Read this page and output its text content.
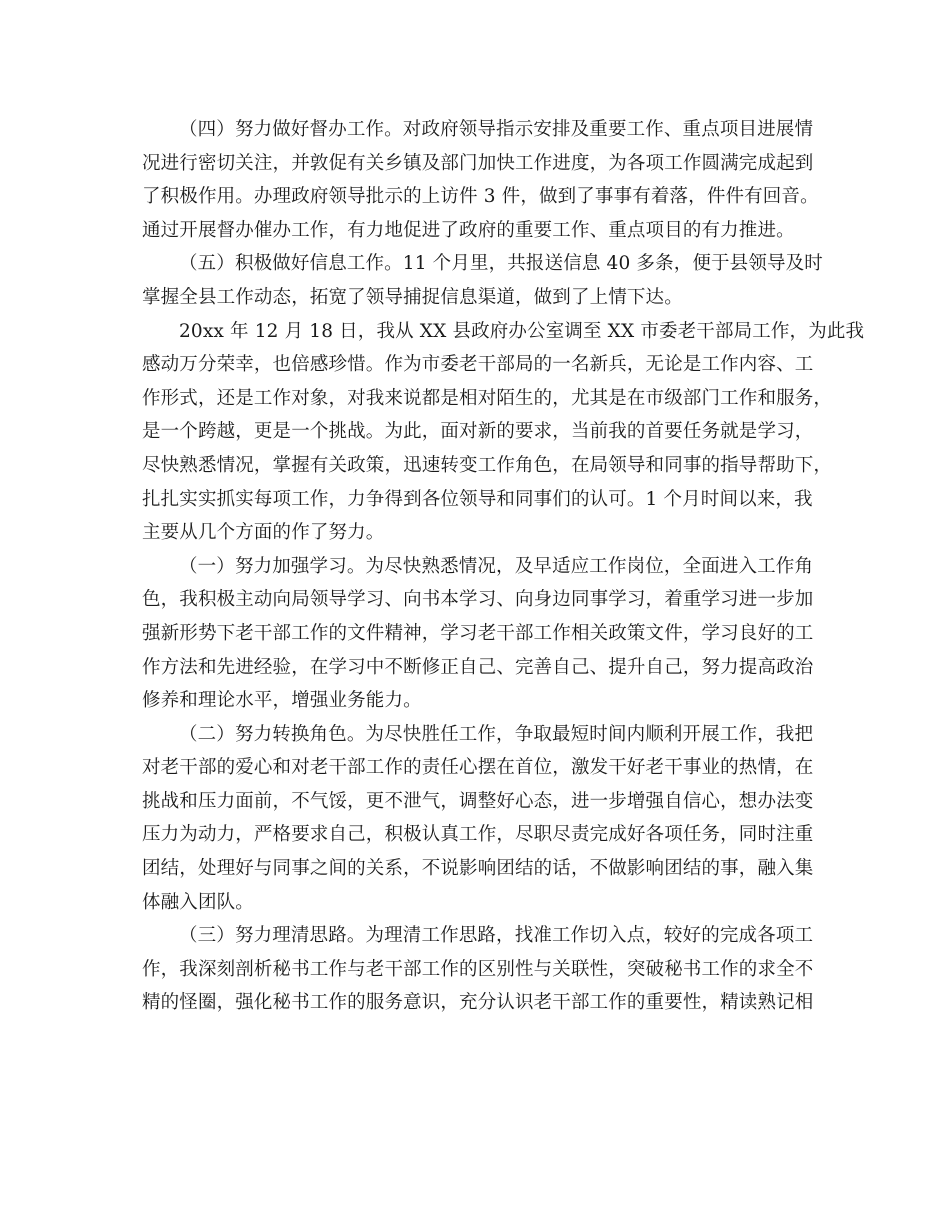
（四）努力做好督办工作。对政府领导指示安排及重要工作、重点项目进展情
况进行密切关注，并敦促有关乡镇及部门加快工作进度，为各项工作圆满完成起到
了积极作用。办理政府领导批示的上访件 3 件，做到了事事有着落，件件有回音。
通过开展督办催办工作，有力地促进了政府的重要工作、重点项目的有力推进。
（五）积极做好信息工作。11 个月里，共报送信息 40 多条，便于县领导及时
掌握全县工作动态，拓宽了领导捕捉信息渠道，做到了上情下达。
20xx 年 12 月 18 日，我从 XX 县政府办公室调至 XX 市委老干部局工作，为此我
感动万分荣幸，也倍感珍惜。作为市委老干部局的一名新兵，无论是工作内容、工
作形式，还是工作对象，对我来说都是相对陌生的，尤其是在市级部门工作和服务，
是一个跨越，更是一个挑战。为此，面对新的要求，当前我的首要任务就是学习，
尽快熟悉情况，掌握有关政策，迅速转变工作角色，在局领导和同事的指导帮助下，
扎扎实实抓实每项工作，力争得到各位领导和同事们的认可。1 个月时间以来，我
主要从几个方面的作了努力。
（一）努力加强学习。为尽快熟悉情况，及早适应工作岗位，全面进入工作角
色，我积极主动向局领导学习、向书本学习、向身边同事学习，着重学习进一步加
强新形势下老干部工作的文件精神，学习老干部工作相关政策文件，学习良好的工
作方法和先进经验，在学习中不断修正自己、完善自己、提升自己，努力提高政治
修养和理论水平，增强业务能力。
（二）努力转换角色。为尽快胜任工作，争取最短时间内顺利开展工作，我把
对老干部的爱心和对老干部工作的责任心摆在首位，激发干好老干事业的热情，在
挑战和压力面前，不气馁，更不泄气，调整好心态，进一步增强自信心，想办法变
压力为动力，严格要求自己，积极认真工作，尽职尽责完成好各项任务，同时注重
团结，处理好与同事之间的关系，不说影响团结的话，不做影响团结的事，融入集
体融入团队。
（三）努力理清思路。为理清工作思路，找准工作切入点，较好的完成各项工
作，我深刻剖析秘书工作与老干部工作的区别性与关联性，突破秘书工作的求全不
精的怪圈，强化秘书工作的服务意识，充分认识老干部工作的重要性，精读熟记相
